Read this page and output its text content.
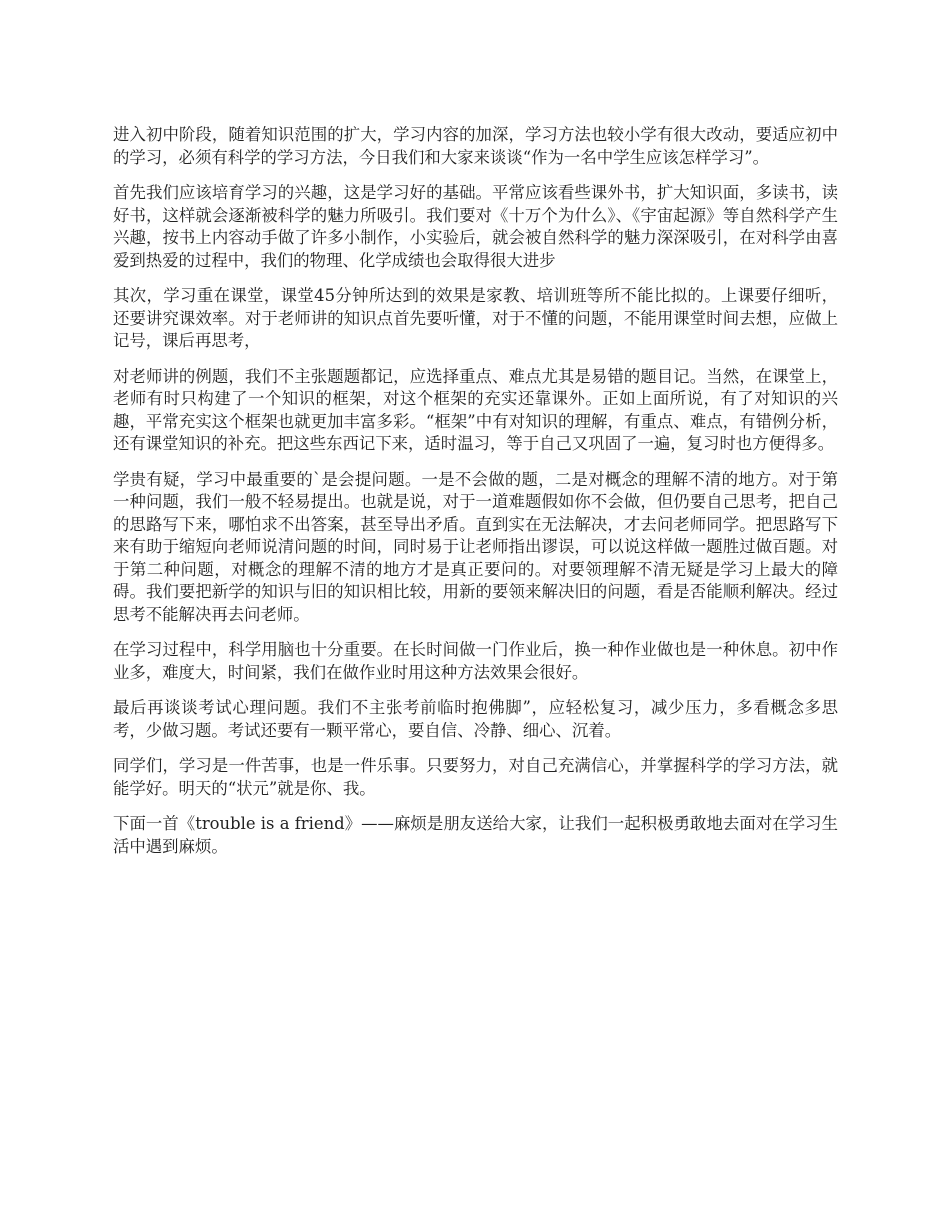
进入初中阶段，随着知识范围的扩大，学习内容的加深，学习方法也较小学有很大改动，要适应初中的学习，必须有科学的学习方法，今日我们和大家来谈谈“作为一名中学生应该怎样学习”。

首先我们应该培育学习的兴趣，这是学习好的基础。平常应该看些课外书，扩大知识面，多读书，读好书，这样就会逐渐被科学的魅力所吸引。我们要对《十万个为什么》、《宇宙起源》等自然科学产生兴趣，按书上内容动手做了许多小制作，小实验后，就会被自然科学的魅力深深吸引，在对科学由喜爱到热爱的过程中，我们的物理、化学成绩也会取得很大进步

其次，学习重在课堂，课堂45分钟所达到的效果是家教、培训班等所不能比拟的。上课要仔细听，还要讲究课效率。对于老师讲的知识点首先要听懂，对于不懂的问题，不能用课堂时间去想，应做上记号，课后再思考，

对老师讲的例题，我们不主张题题都记，应选择重点、难点尤其是易错的题目记。当然，在课堂上，老师有时只构建了一个知识的框架，对这个框架的充实还靠课外。正如上面所说，有了对知识的兴趣，平常充实这个框架也就更加丰富多彩。“框架”中有对知识的理解，有重点、难点，有错例分析，还有课堂知识的补充。把这些东西记下来，适时温习，等于自己又巩固了一遍，复习时也方便得多。

学贵有疑，学习中最重要的`是会提问题。一是不会做的题，二是对概念的理解不清的地方。对于第一种问题，我们一般不轻易提出。也就是说，对于一道难题假如你不会做，但仍要自己思考，把自己的思路写下来，哪怕求不出答案，甚至导出矛盾。直到实在无法解决，才去问老师同学。把思路写下来有助于缩短向老师说清问题的时间，同时易于让老师指出谬误，可以说这样做一题胜过做百题。对于第二种问题，对概念的理解不清的地方才是真正要问的。对要领理解不清无疑是学习上最大的障碍。我们要把新学的知识与旧的知识相比较，用新的要领来解决旧的问题，看是否能顺利解决。经过思考不能解决再去问老师。

在学习过程中，科学用脑也十分重要。在长时间做一门作业后，换一种作业做也是一种休息。初中作业多，难度大，时间紧，我们在做作业时用这种方法效果会很好。

最后再谈谈考试心理问题。我们不主张考前临时抱佛脚”，应轻松复习，减少压力，多看概念多思考，少做习题。考试还要有一颗平常心，要自信、冷静、细心、沉着。

同学们，学习是一件苦事，也是一件乐事。只要努力，对自己充满信心，并掌握科学的学习方法，就能学好。明天的“状元”就是你、我。

下面一首《trouble is a friend》——麻烦是朋友送给大家，让我们一起积极勇敢地去面对在学习生活中遇到麻烦。
